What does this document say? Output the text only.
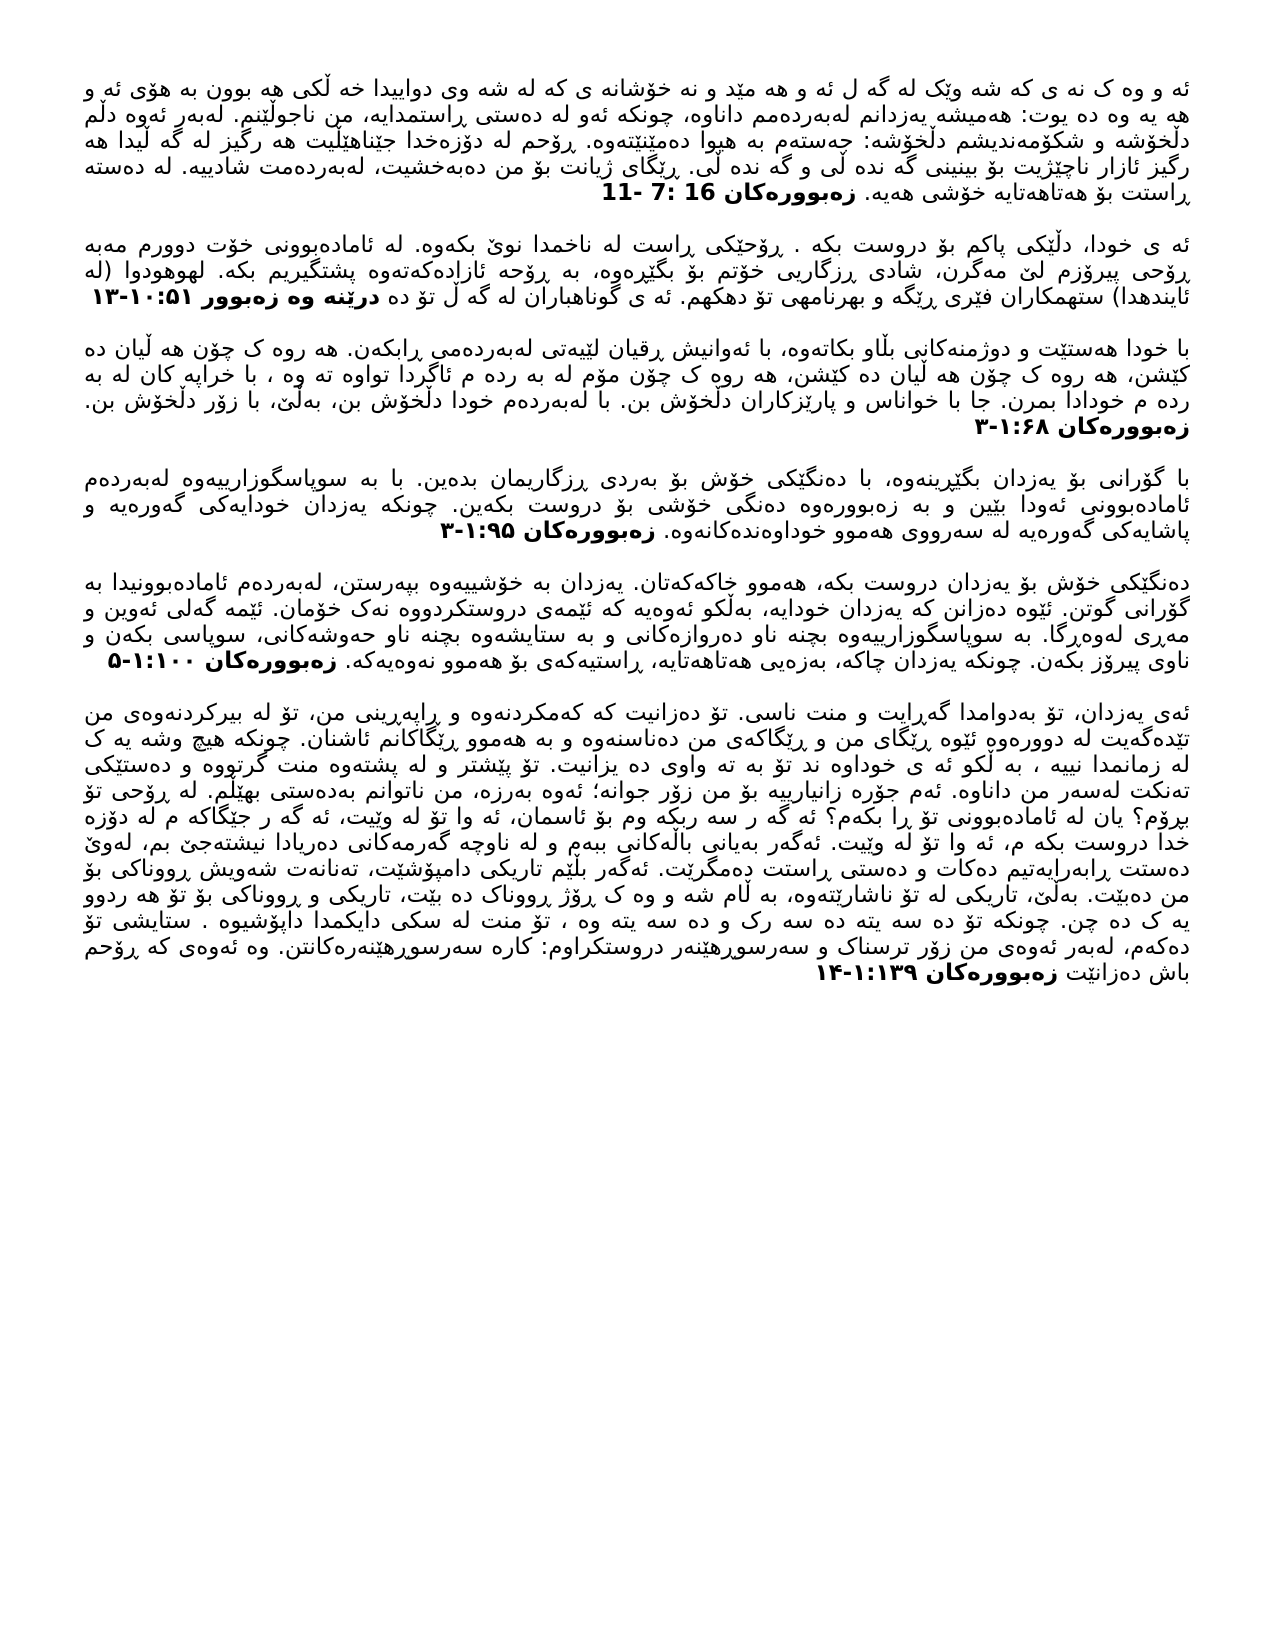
ئه و وه ک نه ی که شه وێک له گه ل ئه و هه مێد و نه خۆشانه ی که له شه وی دوایيدا خه ڵکی هه بوون به هۆی ئه و هه یه وه ده یوت: هەمیشە یەزدانم لەبەردەمم داناوە، چونکە ئەو لە دەستی ڕاستمدایە، من ناجوڵێنم. لەبەر ئەوە دڵم دڵخۆشە و شکۆمەندیشم دڵخۆشە: جەستەم بە هیوا دەمێنێتەوە. ڕۆحم لە دۆزەخدا جێناهێڵیت هه رگیز له گه ڵیدا هه رگیز ئازار ناچێژیت بۆ بینینی گه نده ڵی و گه نده ڵی. ڕێگای ژیانت بۆ من دەبەخشیت، لەبەردەمت شادییە. لە دەستە ڕاستت بۆ هەتاهەتایە خۆشی هەیە. زەبوورەکان 16 :7 -11

ئه ی خودا، دڵێکی پاکم بۆ دروست بکه . ڕۆحێکی ڕاست له ناخمدا نوێ بکەوە. لە ئامادەبوونی خۆت دوورم مەبە ڕۆحی پیرۆزم لێ مەگرن، شادی ڕزگاریی خۆتم بۆ بگێڕەوە، بە ڕۆحە ئازادەکەتەوە پشتگیریم بکە. لهوهودوا (له ئایندهدا) ستهمكاران فێری ڕێگه و بهرنامهی تۆ دهكهم. ئه ی گوناهباران له گه ڵ تۆ ده درێنه وه زەبوور ۱۰:۵۱-۱۳

با خودا هەستێت و دوژمنەکانی بڵاو بکاتەوە، با ئەوانیش ڕقیان لێیەتی لەبەردەمی ڕابکەن. هه روه ک چۆن هه ڵیان ده کێشن، هه روه ک چۆن هه ڵیان ده کێشن، هه روه ک چۆن مۆم له به رده م ئاگردا تواوه ته وه ، با خراپه کان له به رده م خودادا بمرن. جا با خواناس و پارێزکاران دڵخۆش بن. با لەبەردەم خودا دڵخۆش بن، بەڵێ، با زۆر دڵخۆش بن. زەبوورەکان ۱:۶۸-۳

با گۆرانی بۆ یەزدان بگێڕینەوە، با دەنگێکی خۆش بۆ بەردی ڕزگاریمان بدەین. با بە سوپاسگوزارییەوە لەبەردەم ئامادەبوونی ئەودا بێین و بە زەبوورەوە دەنگی خۆشی بۆ دروست بکەین. چونکە یەزدان خودایەکی گەورەیە و پاشایەکی گەورەیە لە سەرووی هەموو خوداوەندەکانەوە. زەبوورەکان ۱:۹۵-۳

دەنگێکی خۆش بۆ یەزدان دروست بکە، هەموو خاکەکەتان. یەزدان بە خۆشییەوە بپەرستن، لەبەردەم ئامادەبوونیدا بە گۆرانی گوتن. ئێوە دەزانن کە یەزدان خودایە، بەڵکو ئەوەیە کە ئێمەی دروستکردووە نەک خۆمان. ئێمە گەلی ئەوین و مەڕی لەوەڕگا. بە سوپاسگوزارییەوە بچنە ناو دەروازەکانی و بە ستایشەوە بچنە ناو حەوشەکانی، سوپاسی بکەن و ناوی پیرۆز بکەن. چونکە یەزدان چاکە، بەزەیی هەتاهەتایە، ڕاستیەکەی بۆ هەموو نەوەیەکە. زەبوورەکان ۱:۱۰۰-۵

ئەی یەزدان، تۆ بەدوامدا گەڕایت و منت ناسی. تۆ دەزانیت کە کەمکردنەوە و ڕاپەڕینی من، تۆ لە بیرکردنەوەی من تێدەگەیت لە دوورەوە ئێوە ڕێگای من و ڕێگاکەی من دەناسنەوە و بە هەموو ڕێگاکانم ئاشنان. چونکە هیچ وشه یه ک له زمانمدا نییه ، به ڵكو ئه ی خوداوه ند تۆ به ته واوی ده یزانیت. تۆ پێشتر و لە پشتەوە منت گرتووە و دەستێکی تەنکت لەسەر من داناوە. ئەم جۆرە زانیارییە بۆ من زۆر جوانە؛ ئەوە بەرزە، من ناتوانم بەدەستی بهێڵم. لە ڕۆحی تۆ بڕۆم؟ یان لە ئامادەبوونی تۆ ڕا بکەم؟ ئه گه ر سه ربکه وم بۆ ئاسمان، ئه وا تۆ له وێیت، ئه گه ر جێگاكه م له دۆزه خدا دروست بکه م، ئه وا تۆ له وێیت. ئەگەر بەیانی باڵەکانی ببەم و لە ناوچە گەرمەکانی دەریادا نیشتەجێ بم، لەوێ دەستت ڕابەرایەتیم دەکات و دەستی ڕاستت دەمگرێت. ئەگەر بڵێم تاریکی دامپۆشێت، تەنانەت شەویش ڕووناکی بۆ من دەبێت. بەڵێ، تاریکی لە تۆ ناشارێتەوە، بە ڵام شه و وه ک ڕۆژ ڕووناک ده بێت، تاریکی و ڕووناکی بۆ تۆ هه ردوو یه ک ده چن. چونکه تۆ ده سه یته ده سه رک و ده سه یته وه ، تۆ منت له سكی دایكمدا داپۆشیوه . ستایشی تۆ دەکەم، لەبەر ئەوەی من زۆر ترسناک و سەرسوڕهێنەر دروستکراوم: کارە سەرسوڕهێنەرەکانتن. وه ئەوەی کە ڕۆحم باش دەزانێت زەبوورەکان ۱:۱۳۹-۱۴
